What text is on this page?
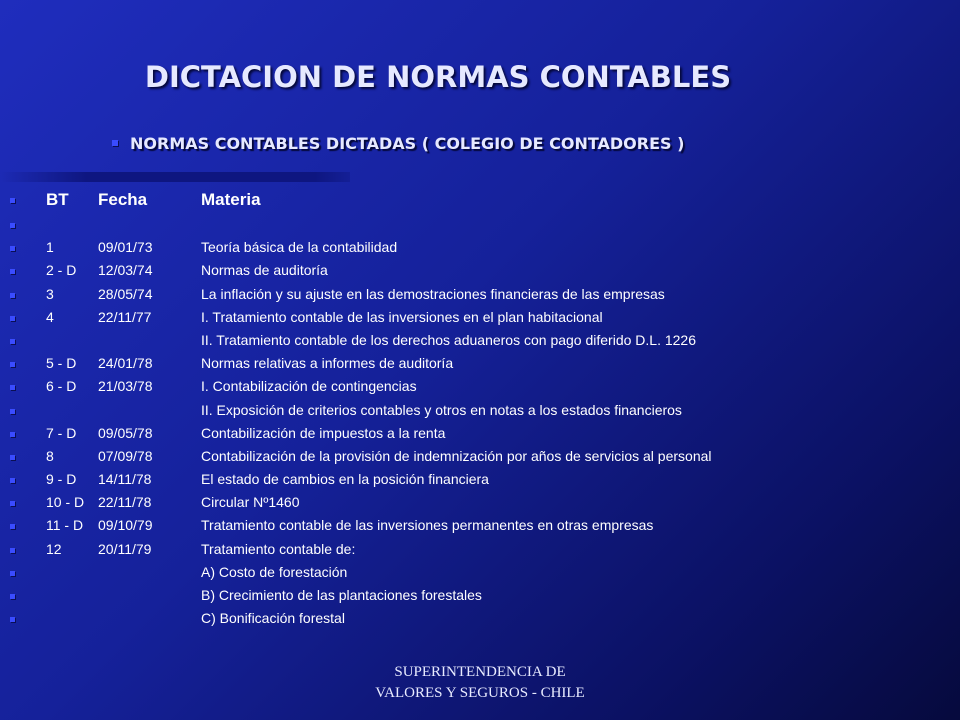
DICTACION DE NORMAS CONTABLES
NORMAS CONTABLES DICTADAS ( COLEGIO DE CONTADORES )
BT Fecha	Materia
1	09/01/73	Teoría básica de la contabilidad
2 - D 12/03/74	Normas de auditoría
3	28/05/74	La inflación y su ajuste en las demostraciones financieras de las empresas
4	22/11/77	I. Tratamiento contable de las inversiones en el plan habitacional
II. Tratamiento contable de los derechos aduaneros con pago diferido D.L. 1226
5 - D 24/01/78	Normas relativas a informes de auditoría
6 - D 21/03/78	I. Contabilización de contingencias
II. Exposición de criterios contables y otros en notas a los estados financieros
7 - D 09/05/78	Contabilización de impuestos a la renta
8	07/09/78	Contabilización de la provisión de indemnización por años de servicios al personal
9 - D 14/11/78	El estado de cambios en la posición financiera
10 - D 22/11/78	Circular Nº1460
11 - D 09/10/79	Tratamiento contable de las inversiones permanentes en otras empresas
12	20/11/79	Tratamiento contable de:
A) Costo de forestación
B) Crecimiento de las plantaciones forestales
C) Bonificación forestal
SUPERINTENDENCIA DE
VALORES Y SEGUROS - CHILE
